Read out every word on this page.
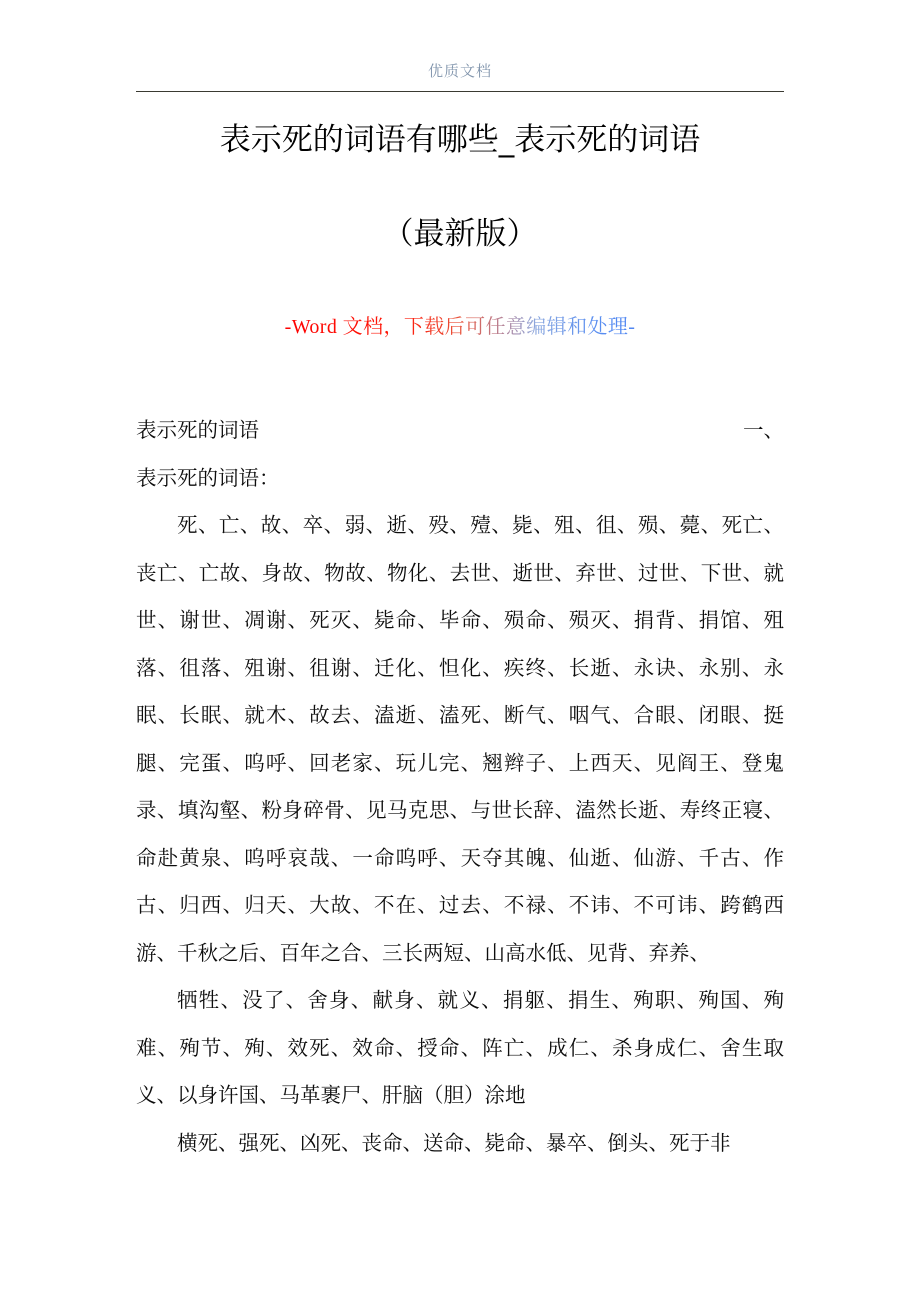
优质文档
表示死的词语有哪些_表示死的词语
（最新版）
-Word 文档，下载后可任意编辑和处理-
表示死的词语	一、

表示死的词语：

死、亡、故、卒、弱、逝、殁、殪、毙、殂、徂、殒、薨、死亡、丧亡、亡故、身故、物故、物化、去世、逝世、弃世、过世、下世、就世、谢世、凋谢、死灭、毙命、毕命、殒命、殒灭、捐背、捐馆、殂落、徂落、殂谢、徂谢、迁化、怛化、疾终、长逝、永诀、永别、永眠、长眠、就木、故去、溘逝、溘死、断气、咽气、合眼、闭眼、挺腿、完蛋、呜呼、回老家、玩儿完、翘辫子、上西天、见阎王、登鬼录、填沟壑、粉身碎骨、见马克思、与世长辞、溘然长逝、寿终正寝、命赴黄泉、呜呼哀哉、一命呜呼、天夺其魄、仙逝、仙游、千古、作古、归西、归天、大故、不在、过去、不禄、不讳、不可讳、跨鹤西游、千秋之后、百年之合、三长两短、山高水低、见背、弃养、

牺牲、没了、舍身、献身、就义、捐躯、捐生、殉职、殉国、殉难、殉节、殉、效死、效命、授命、阵亡、成仁、杀身成仁、舍生取义、以身许国、马革裹尸、肝脑（胆）涂地

横死、强死、凶死、丧命、送命、毙命、暴卒、倒头、死于非
